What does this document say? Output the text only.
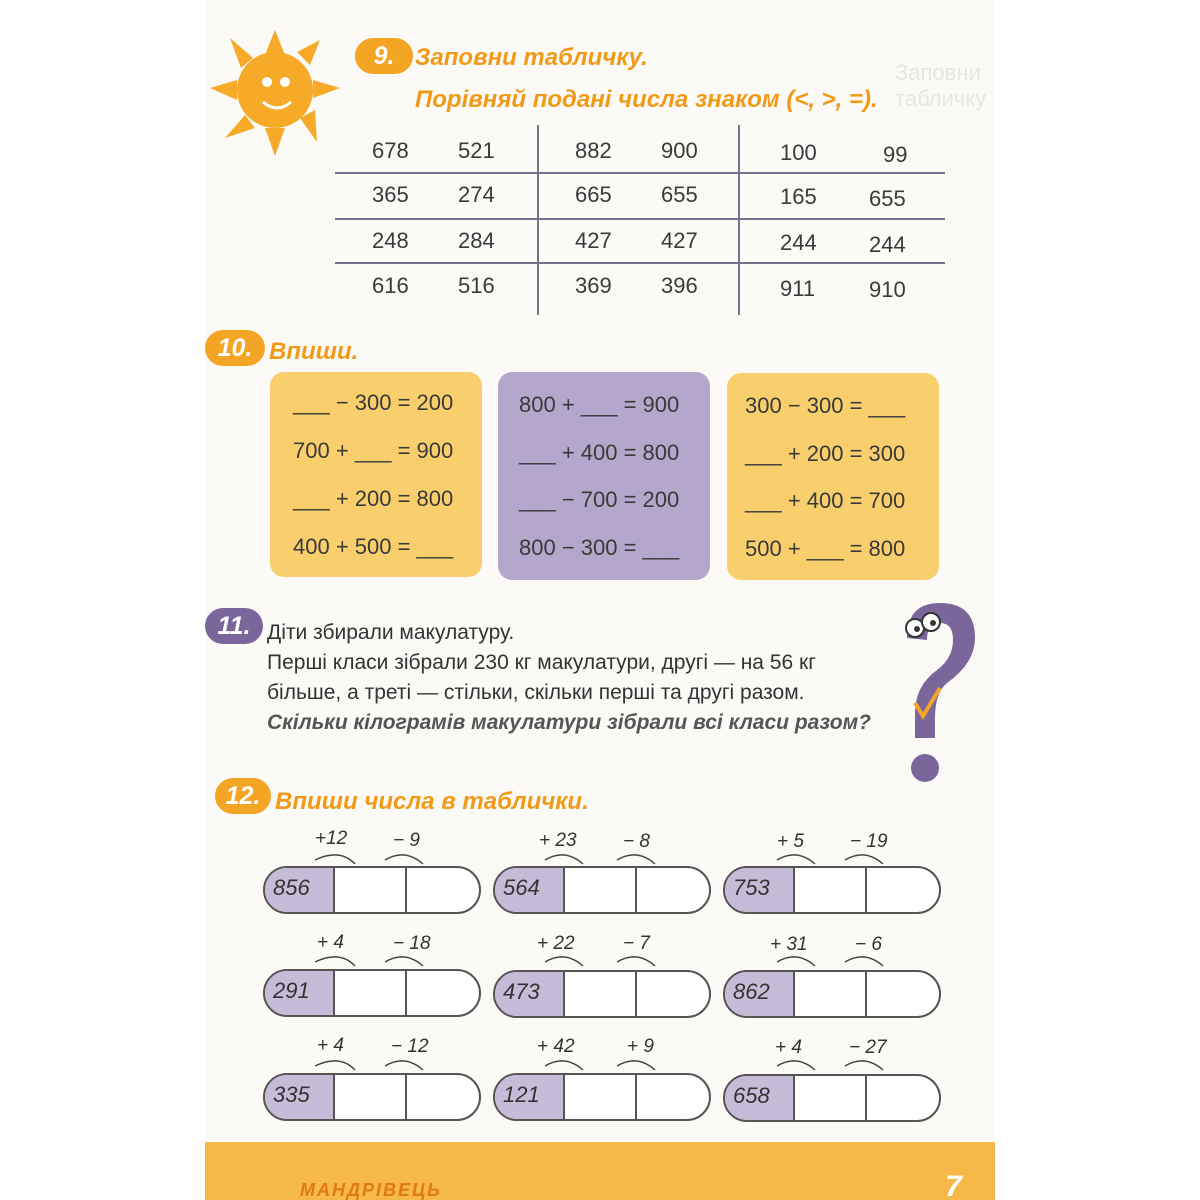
Заповни табличку
9. Заповни табличку.
Порівняй подані числа знаком (<, >, =).
678 521	882 900	100	99
365 274	665 655	165 655
248 284	427 427	244 244
616 516	369 396	911 910
10. Впиши.
___ − 300 = 200
700 + ___ = 900
___ + 200 = 800
400 + 500 = ___
800 + ___ = 900
___ + 400 = 800
___ − 700 = 200
800 − 300 = ___
300 − 300 = ___
___ + 200 = 300
___ + 400 = 700
500 + ___ = 800
11. Діти збирали макулатуру.
Перші класи зібрали 230 кг макулатури, другі — на 56 кг
більше, а треті — стільки, скільки перші та другі разом.
Скільки кілограмів макулатури зібрали всі класи разом?
12. Впиши числа в таблички.
856
+12 − 9
564
+ 23 − 8
753
+ 5 − 19
291
+ 4	− 18
473
+ 22	− 7
862
+ 31 − 6
335
+ 4 − 12
121
+ 42	+ 9
658
+ 4 − 27
МАНДРІВЕЦЬ	7
